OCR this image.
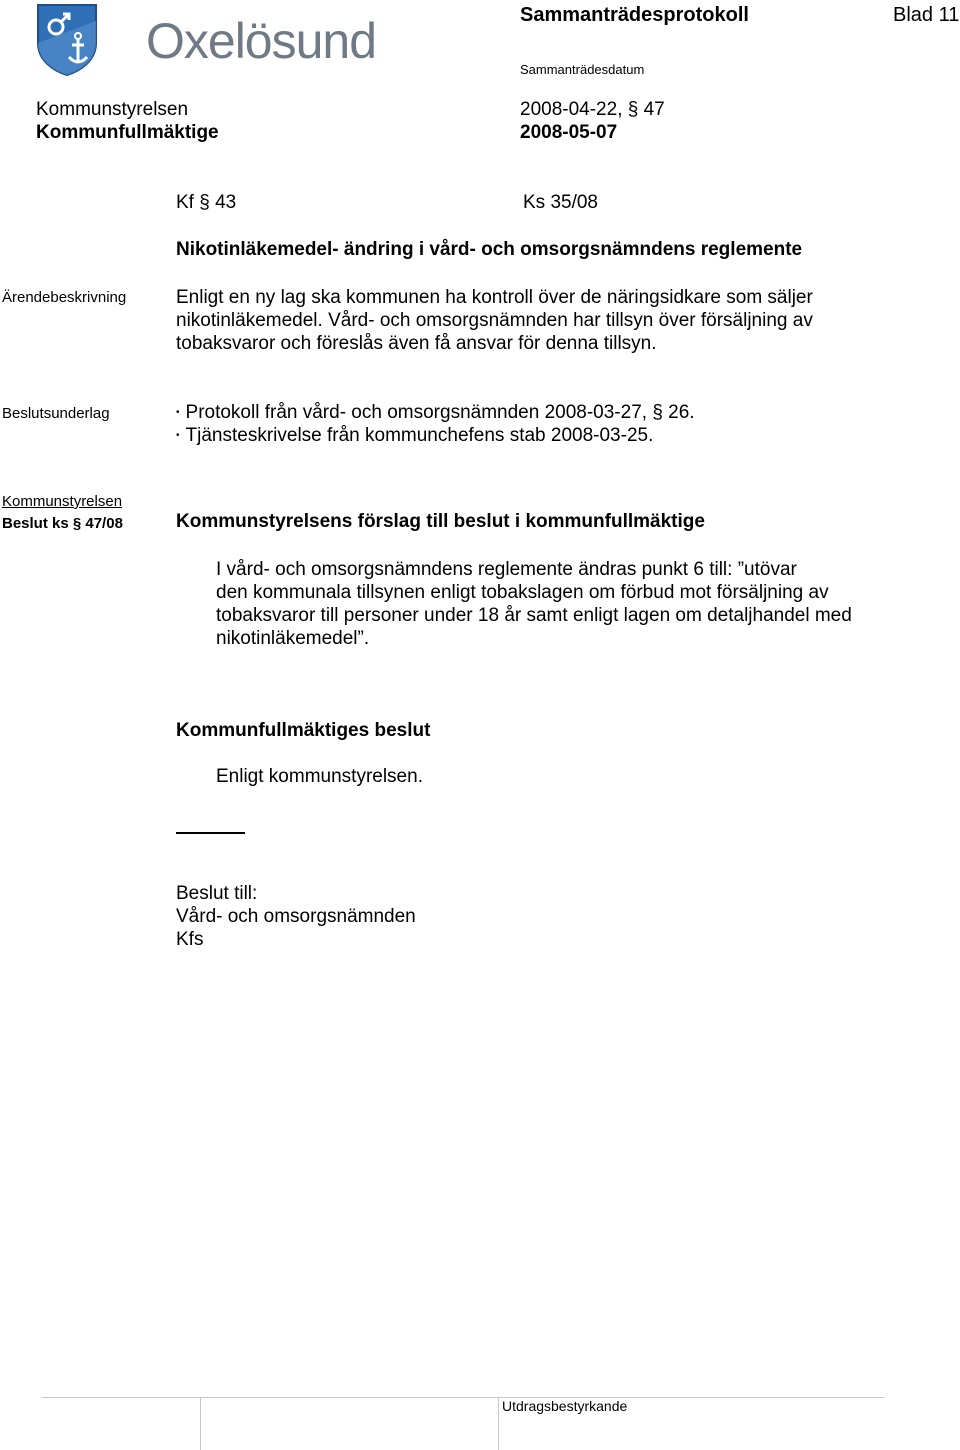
Oxelösund	Sammanträdesprotokoll	Blad 11
Sammanträdesdatum
Kommunstyrelsen	2008-04-22, § 47
Kommunfullmäktige	2008-05-07
Kf § 43	Ks 35/08
Nikotinläkemedel- ändring i vård- och omsorgsnämndens reglemente
Ärendebeskrivning	Enligt en ny lag ska kommunen ha kontroll över de näringsidkare som säljer
nikotinläkemedel. Vård- och omsorgsnämnden har tillsyn över försäljning av
tobaksvaror och föreslås även få ansvar för denna tillsyn.
Beslutsunderlag	• Protokoll från vård- och omsorgsnämnden 2008-03-27, § 26.
• Tjänsteskrivelse från kommunchefens stab 2008-03-25.
Kommunstyrelsen
Beslut ks § 47/08	Kommunstyrelsens förslag till beslut i kommunfullmäktige
I vård- och omsorgsnämndens reglemente ändras punkt 6 till: ”utövar
den kommunala tillsynen enligt tobakslagen om förbud mot försäljning av
tobaksvaror till personer under 18 år samt enligt lagen om detaljhandel med
nikotinläkemedel”.
Kommunfullmäktiges beslut
Enligt kommunstyrelsen.
Beslut till:
Vård- och omsorgsnämnden
Kfs
Utdragsbestyrkande
